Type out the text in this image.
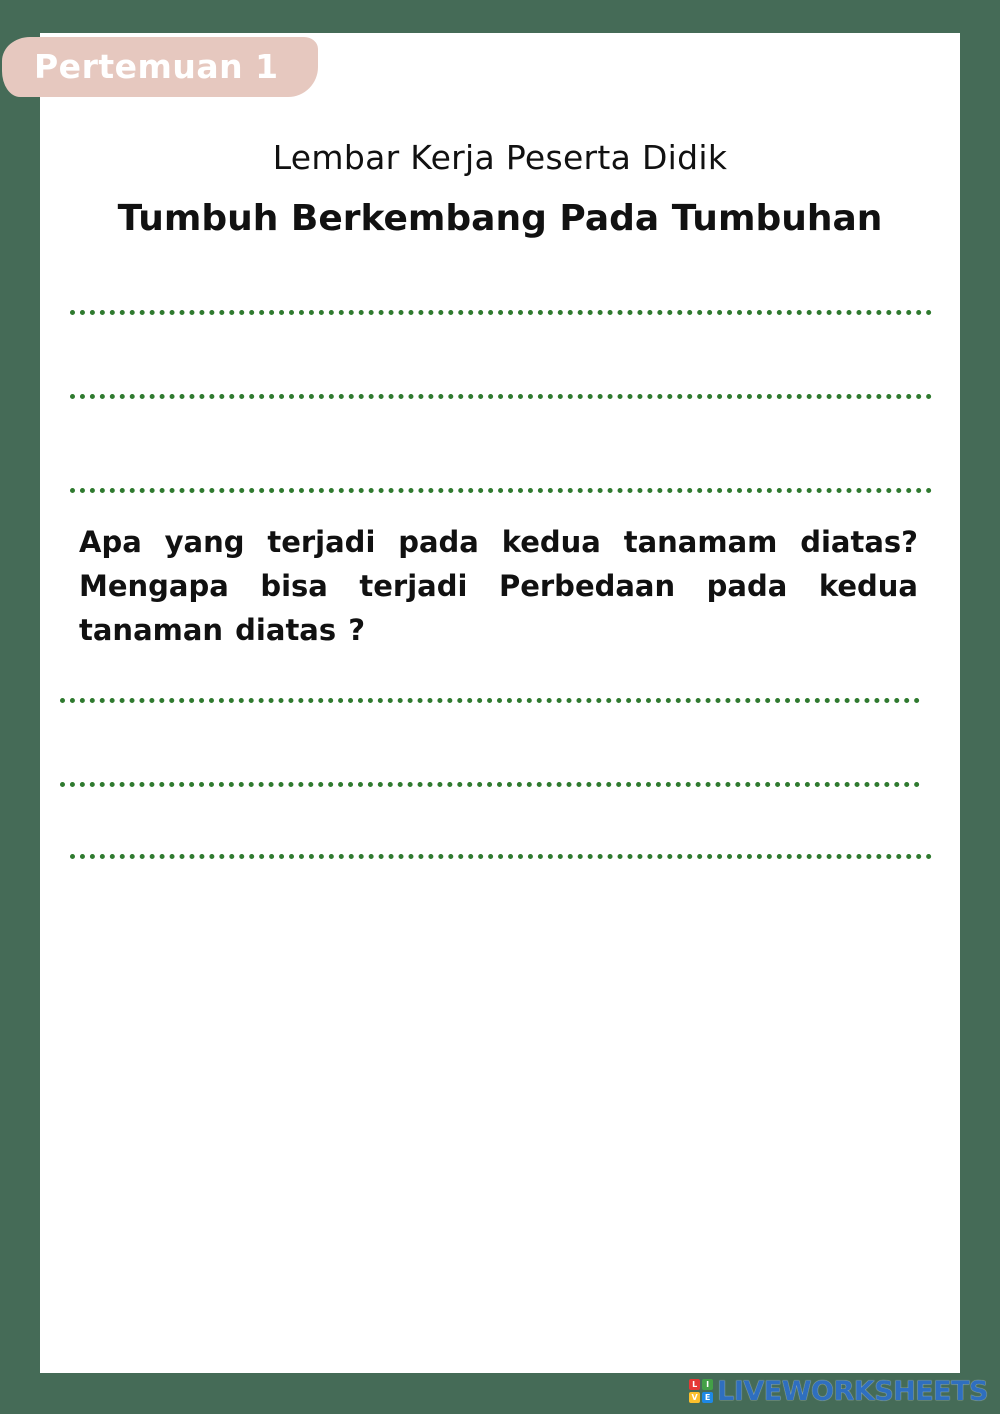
Pertemuan 1
Lembar Kerja Peserta Didik
Tumbuh Berkembang Pada Tumbuhan
Apa yang terjadi pada kedua tanamam diatas? Mengapa bisa terjadi Perbedaan pada kedua tanaman diatas ?
L	I
V E LIVEWORKSHEETS
